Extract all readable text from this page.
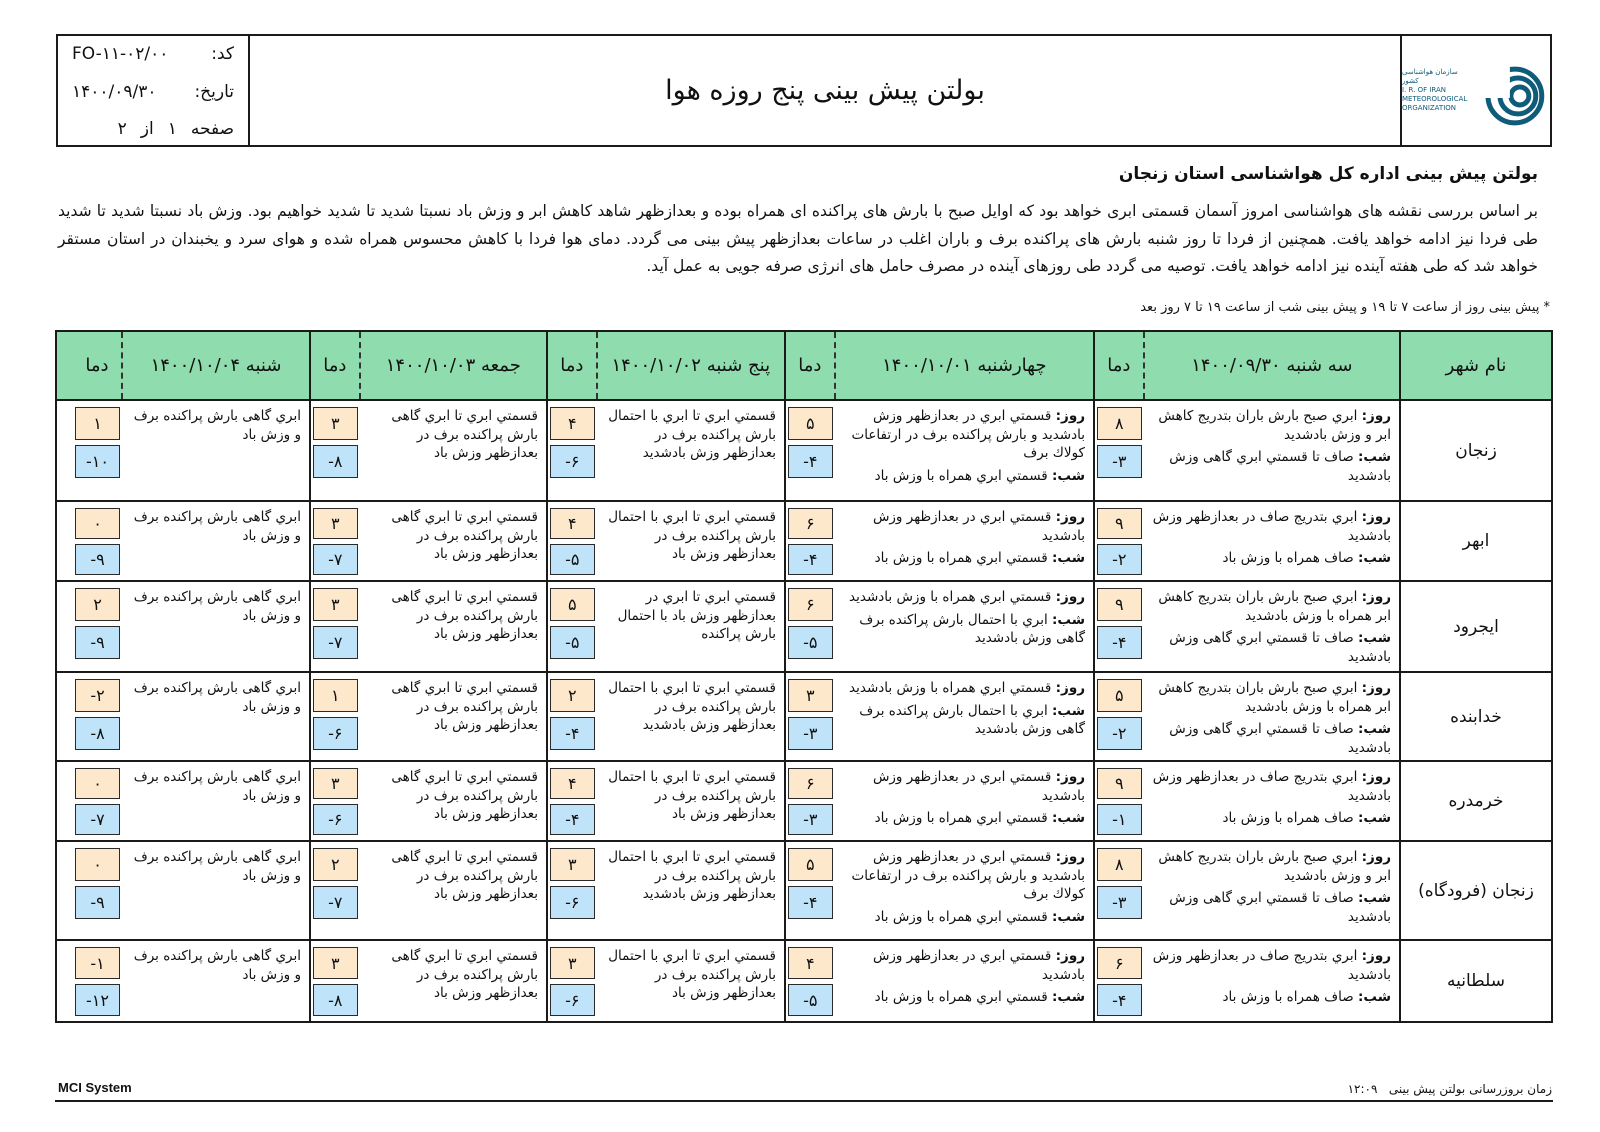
سازمان هواشناسی کشور
I. R. OF IRAN
METEOROLOGICAL
ORGANIZATION
بولتن پیش بینی پنج روزه هوا
کد:
FO-۱۱-۰۲/۰۰
تاریخ:
۱۴۰۰/۰۹/۳۰
صفحه
۱
از
۲
بولتن پیش بینی اداره کل هواشناسی استان زنجان
بر اساس بررسی نقشه های هواشناسی امروز آسمان قسمتی ابری خواهد بود که اوایل صبح با بارش های پراکنده ای همراه بوده و بعدازظهر شاهد کاهش ابر و وزش باد نسبتا شدید تا شدید خواهیم بود. وزش باد نسبتا شدید تا شدید طی فردا نیز ادامه خواهد یافت. همچنین از فردا تا روز شنبه بارش های پراکنده برف و باران اغلب در ساعات بعدازظهر پیش بینی می گردد. دمای هوا فردا با کاهش محسوس همراه شده و هوای سرد و یخبندان در استان مستقر خواهد شد که طی هفته آینده نیز ادامه خواهد یافت. توصیه می گردد طی روزهای آینده در مصرف حامل های انرژی صرفه جویی به عمل آید.
* پیش بینی روز از ساعت ۷ تا ۱۹ و پیش بینی شب از ساعت ۱۹ تا ۷ روز بعد
نام شهر
سه شنبه ۱۴۰۰/۰۹/۳۰
دما
چهارشنبه ۱۴۰۰/۱۰/۰۱
دما
پنج شنبه ۱۴۰۰/۱۰/۰۲
دما
جمعه ۱۴۰۰/۱۰/۰۳
دما
شنبه ۱۴۰۰/۱۰/۰۴
دما
زنجان
روز: ابري صبح بارش باران بتدريج كاهش ابر و وزش بادشديد
شب: صاف تا قسمتي ابري گاهی وزش بادشديد
۸
-۳
روز: قسمتي ابري در بعدازظهر وزش بادشديد و بارش پراكنده برف در ارتفاعات كولاك برف
شب: قسمتي ابري همراه با وزش باد
۵
-۴
قسمتي ابري تا ابري با احتمال بارش پراكنده برف در بعدازظهر وزش بادشديد
۴
-۶
قسمتي ابري تا ابري گاهی بارش پراكنده برف در بعدازظهر وزش باد
۳
-۸
ابري گاهی بارش پراكنده برف و وزش باد
۱
-۱۰
ابهر
روز: ابري بتدريج صاف در بعدازظهر وزش بادشديد
شب: صاف همراه با وزش باد
۹
-۲
روز: قسمتي ابري در بعدازظهر وزش بادشديد
شب: قسمتي ابري همراه با وزش باد
۶
-۴
قسمتي ابري تا ابري با احتمال بارش پراكنده برف در بعدازظهر وزش باد
۴
-۵
قسمتي ابري تا ابري گاهی بارش پراكنده برف در بعدازظهر وزش باد
۳
-۷
ابري گاهی بارش پراكنده برف و وزش باد
۰
-۹
ایجرود
روز: ابري صبح بارش باران بتدريج كاهش ابر همراه با وزش بادشديد
شب: صاف تا قسمتي ابري گاهی وزش بادشديد
۹
-۴
روز: قسمتي ابري همراه با وزش بادشديد
شب: ابري با احتمال بارش پراكنده برف گاهی وزش بادشديد
۶
-۵
قسمتي ابري تا ابري در بعدازظهر وزش باد با احتمال بارش پراكنده
۵
-۵
قسمتي ابري تا ابري گاهی بارش پراكنده برف در بعدازظهر وزش باد
۳
-۷
ابري گاهی بارش پراكنده برف و وزش باد
۲
-۹
خدابنده
روز: ابري صبح بارش باران بتدريج كاهش ابر همراه با وزش بادشديد
شب: صاف تا قسمتي ابري گاهی وزش بادشديد
۵
-۲
روز: قسمتي ابري همراه با وزش بادشديد
شب: ابري با احتمال بارش پراكنده برف گاهی وزش بادشديد
۳
-۳
قسمتي ابري تا ابري با احتمال بارش پراكنده برف در بعدازظهر وزش بادشديد
۲
-۴
قسمتي ابري تا ابري گاهی بارش پراكنده برف در بعدازظهر وزش باد
۱
-۶
ابري گاهی بارش پراكنده برف و وزش باد
-۲
-۸
خرمدره
روز: ابري بتدريج صاف در بعدازظهر وزش بادشديد
شب: صاف همراه با وزش باد
۹
-۱
روز: قسمتي ابري در بعدازظهر وزش بادشديد
شب: قسمتي ابري همراه با وزش باد
۶
-۳
قسمتي ابري تا ابري با احتمال بارش پراكنده برف در بعدازظهر وزش باد
۴
-۴
قسمتي ابري تا ابري گاهی بارش پراكنده برف در بعدازظهر وزش باد
۳
-۶
ابري گاهی بارش پراكنده برف و وزش باد
۰
-۷
زنجان (فرودگاه)
روز: ابري صبح بارش باران بتدريج كاهش ابر و وزش بادشديد
شب: صاف تا قسمتي ابري گاهی وزش بادشديد
۸
-۳
روز: قسمتي ابري در بعدازظهر وزش بادشديد و بارش پراكنده برف در ارتفاعات كولاك برف
شب: قسمتي ابري همراه با وزش باد
۵
-۴
قسمتي ابري تا ابري با احتمال بارش پراكنده برف در بعدازظهر وزش بادشديد
۳
-۶
قسمتي ابري تا ابري گاهی بارش پراكنده برف در بعدازظهر وزش باد
۲
-۷
ابري گاهی بارش پراكنده برف و وزش باد
۰
-۹
سلطانیه
روز: ابري بتدريج صاف در بعدازظهر وزش بادشديد
شب: صاف همراه با وزش باد
۶
-۴
روز: قسمتي ابري در بعدازظهر وزش بادشديد
شب: قسمتي ابري همراه با وزش باد
۴
-۵
قسمتي ابري تا ابري با احتمال بارش پراكنده برف در بعدازظهر وزش باد
۳
-۶
قسمتي ابري تا ابري گاهی بارش پراكنده برف در بعدازظهر وزش باد
۳
-۸
ابري گاهی بارش پراكنده برف و وزش باد
-۱
-۱۲
MCI System	زمان بروزرسانی بولتن پیش بینی   ۱۲:۰۹
